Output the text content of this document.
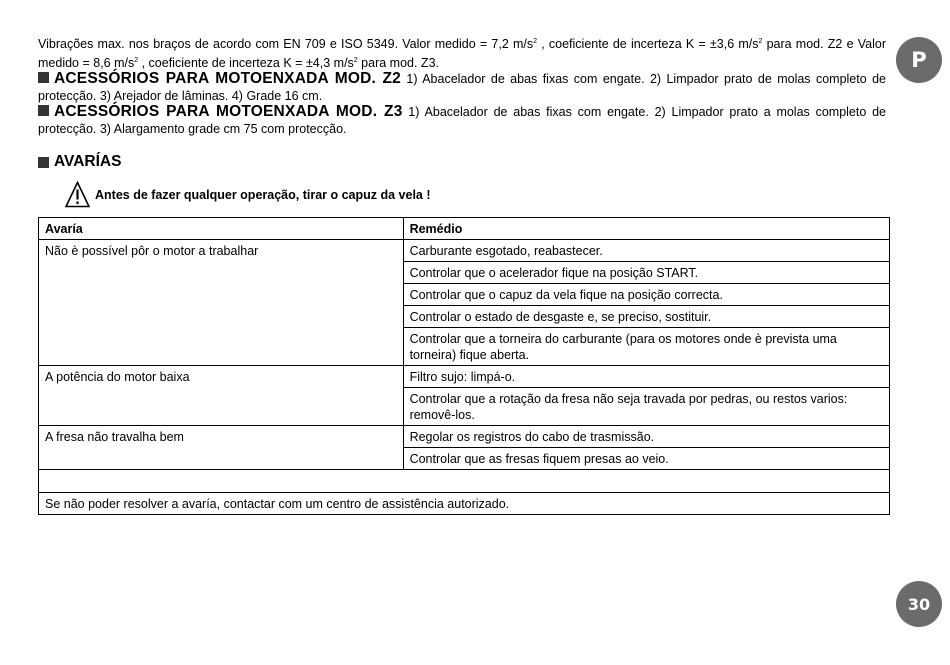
Vibrações max. nos braços de acordo com EN 709 e ISO 5349. Valor medido = 7,2 $m/s^2$ , coeficiente de incerteza K = ±3,6 $m/s^2$ para mod. Z2 e Valor medido = 8,6 $m/s^2$ , coeficiente de incerteza K = ±4,3 $m/s^2$ para mod. Z3.

ACESSÓRIOS PARA MOTOENXADA MOD. Z2 1) Abacelador de abas fixas com engate. 2) Limpador prato de molas completo de protecção. 3) Arejador de lâminas. 4) Grade 16 cm.

ACESSÓRIOS PARA MOTOENXADA MOD. Z3 1) Abacelador de abas fixas com engate. 2) Limpador prato a molas completo de protecção. 3) Alargamento grade cm 75 com protecção.

AVARÍAS
Antes de fazer qualquer operação, tirar o capuz da vela !
Avaría	Remédio
Não è possível pôr o motor a trabalhar	Carburante esgotado, reabastecer.
	Controlar que o acelerador fique na posição START.
	Controlar que o capuz da vela fique na posição correcta.
	Controlar o estado de desgaste e, se preciso, sostituir.
	Controlar que a torneira do carburante (para os motores onde è prevista uma torneira) fique aberta.
A potência do motor baixa	Filtro sujo: limpá-o.
	Controlar que a rotação da fresa não seja travada por pedras, ou restos varios: removê-los.
A fresa não travalha bem	Regolar os registros do cabo de trasmissão.
	Controlar que as fresas fiquem presas ao veio.

Se não poder resolver a avaría, contactar com um centro de assistência autorizado.	
P
30
